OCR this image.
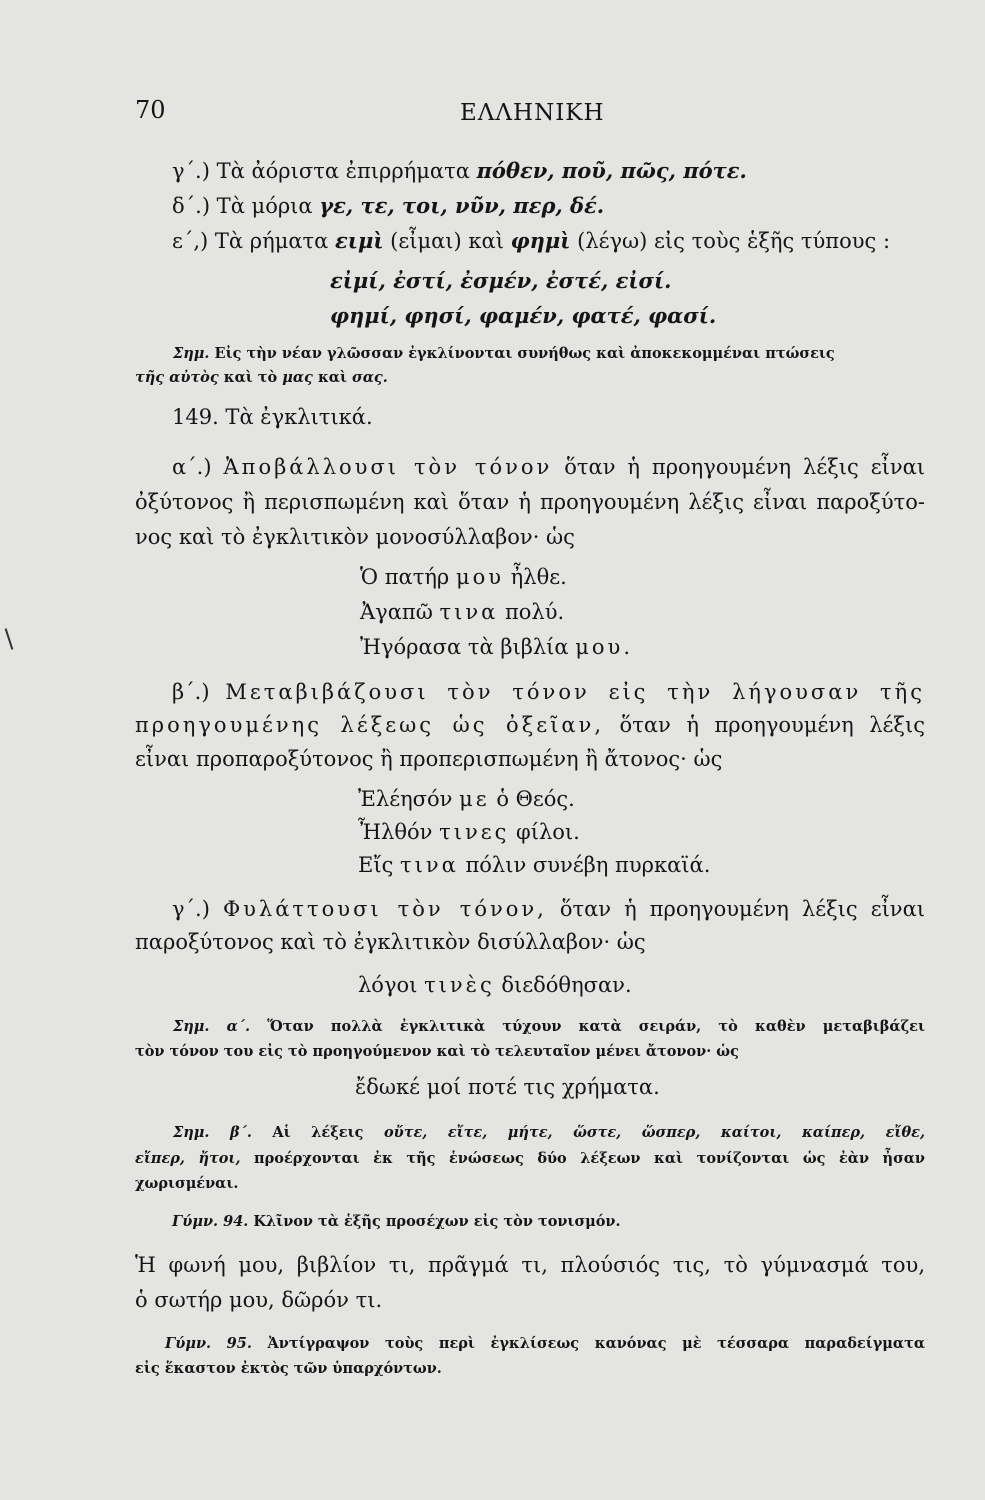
70	ΕΛΛΗΝΙΚΗ
γ΄.) Τὰ ἀόριστα ἐπιρρήματα πόθεν, ποῦ, πῶς, πότε.
δ΄.) Τὰ μόρια γε, τε, τοι, νῦν, περ, δέ.
ε΄,) Τὰ ρήματα ειμὶ (εἶμαι) καὶ φημὶ (λέγω) εἰς τοὺς ἑξῆς τύπους :
εἰμί, ἐστί, ἐσμέν, ἐστέ, εἰσί.
φημί, φησί, φαμέν, φατέ, φασί.
Σημ. Εἰς τὴν νέαν γλῶσσαν ἐγκλίνονται συνήθως καὶ ἀποκεκομμέναι πτώσεις
τῆς αὐτὸς καὶ τὸ μας καὶ σας.
149. Τὰ ἐγκλιτικά.
α΄.) Ἀποβάλλουσι τὸν τόνον ὅταν ἡ προηγουμένη λέξις εἶναι
ὀξύτονος ἢ περισπωμένη καὶ ὅταν ἡ προηγουμένη λέξις εἶναι παροξύτο-
νος καὶ τὸ ἐγκλιτικὸν μονοσύλλαβον· ὡς
Ὁ πατήρ μου ἦλθε.
Ἀγαπῶ τινα πολύ.
Ἠγόρασα τὰ βιβλία μου.
β΄.) Μεταβιβάζουσι τὸν τόνον εἰς τὴν λήγουσαν τῆς
προηγουμένης λέξεως ὡς ὀξεῖαν, ὅταν ἡ προηγουμένη λέξις
εἶναι προπαροξύτονος ἢ προπερισπωμένη ἢ ἄτονος· ὡς
Ἐλέησόν με ὁ Θεός.
Ἦλθόν τινες φίλοι.
Εἴς τινα πόλιν συνέβη πυρκαϊά.
γ΄.) Φυλάττουσι τὸν τόνον, ὅταν ἡ προηγουμένη λέξις εἶναι
παροξύτονος καὶ τὸ ἐγκλιτικὸν δισύλλαβον· ὡς
λόγοι τινὲς διεδόθησαν.
Σημ. α΄. Ὅταν πολλὰ ἐγκλιτικὰ τύχουν κατὰ σειράν, τὸ καθὲν μεταβιβάζει
τὸν τόνον του εἰς τὸ προηγούμενον καὶ τὸ τελευταῖον μένει ἄτονον· ὡς
ἔδωκέ μοί ποτέ τις χρήματα.
Σημ. β΄. Αἱ λέξεις οὔτε, εἴτε, μήτε, ὥστε, ὥσπερ, καίτοι, καίπερ, εἴθε,
εἴπερ, ἤτοι, προέρχονται ἐκ τῆς ἑνώσεως δύο λέξεων καὶ τονίζονται ὡς ἐὰν ἦσαν
χωρισμέναι.
Γύμν. 94. Κλῖνον τὰ ἑξῆς προσέχων εἰς τὸν τονισμόν.
Ἡ φωνή μου, βιβλίον τι, πρᾶγμά τι, πλούσιός τις, τὸ γύμνασμά του,
ὁ σωτήρ μου, δῶρόν τι.
Γύμν. 95. Ἀντίγραψον τοὺς περὶ ἐγκλίσεως κανόνας μὲ τέσσαρα παραδείγματα
εἰς ἕκαστον ἐκτὸς τῶν ὑπαρχόντων.
